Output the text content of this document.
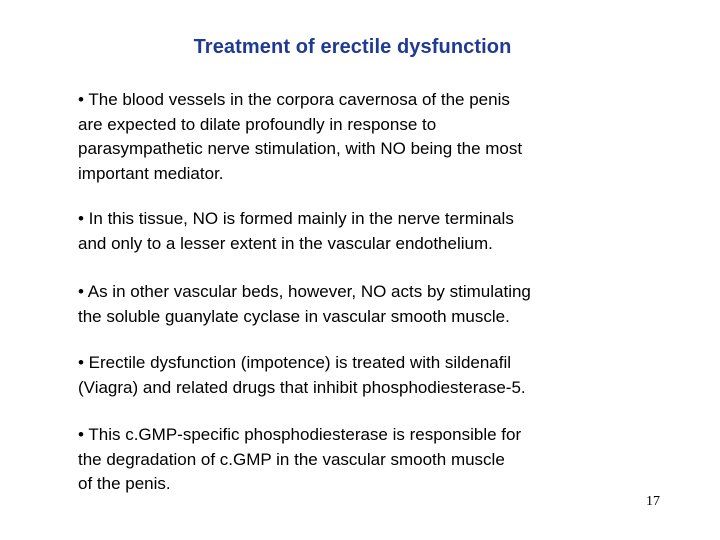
Treatment of erectile dysfunction
• The blood vessels in the corpora cavernosa of the penis
are expected to dilate profoundly in response to
parasympathetic nerve stimulation, with NO being the most
important mediator.
• In this tissue, NO is formed mainly in the nerve terminals
and only to a lesser extent in the vascular endothelium.
• As in other vascular beds, however, NO acts by stimulating
the soluble guanylate cyclase in vascular smooth muscle.
• Erectile dysfunction (impotence) is treated with sildenafil
(Viagra) and related drugs that inhibit phosphodiesterase-5.
• This c.GMP-specific phosphodiesterase is responsible for
the degradation of c.GMP in the vascular smooth muscle
of the penis.
17
